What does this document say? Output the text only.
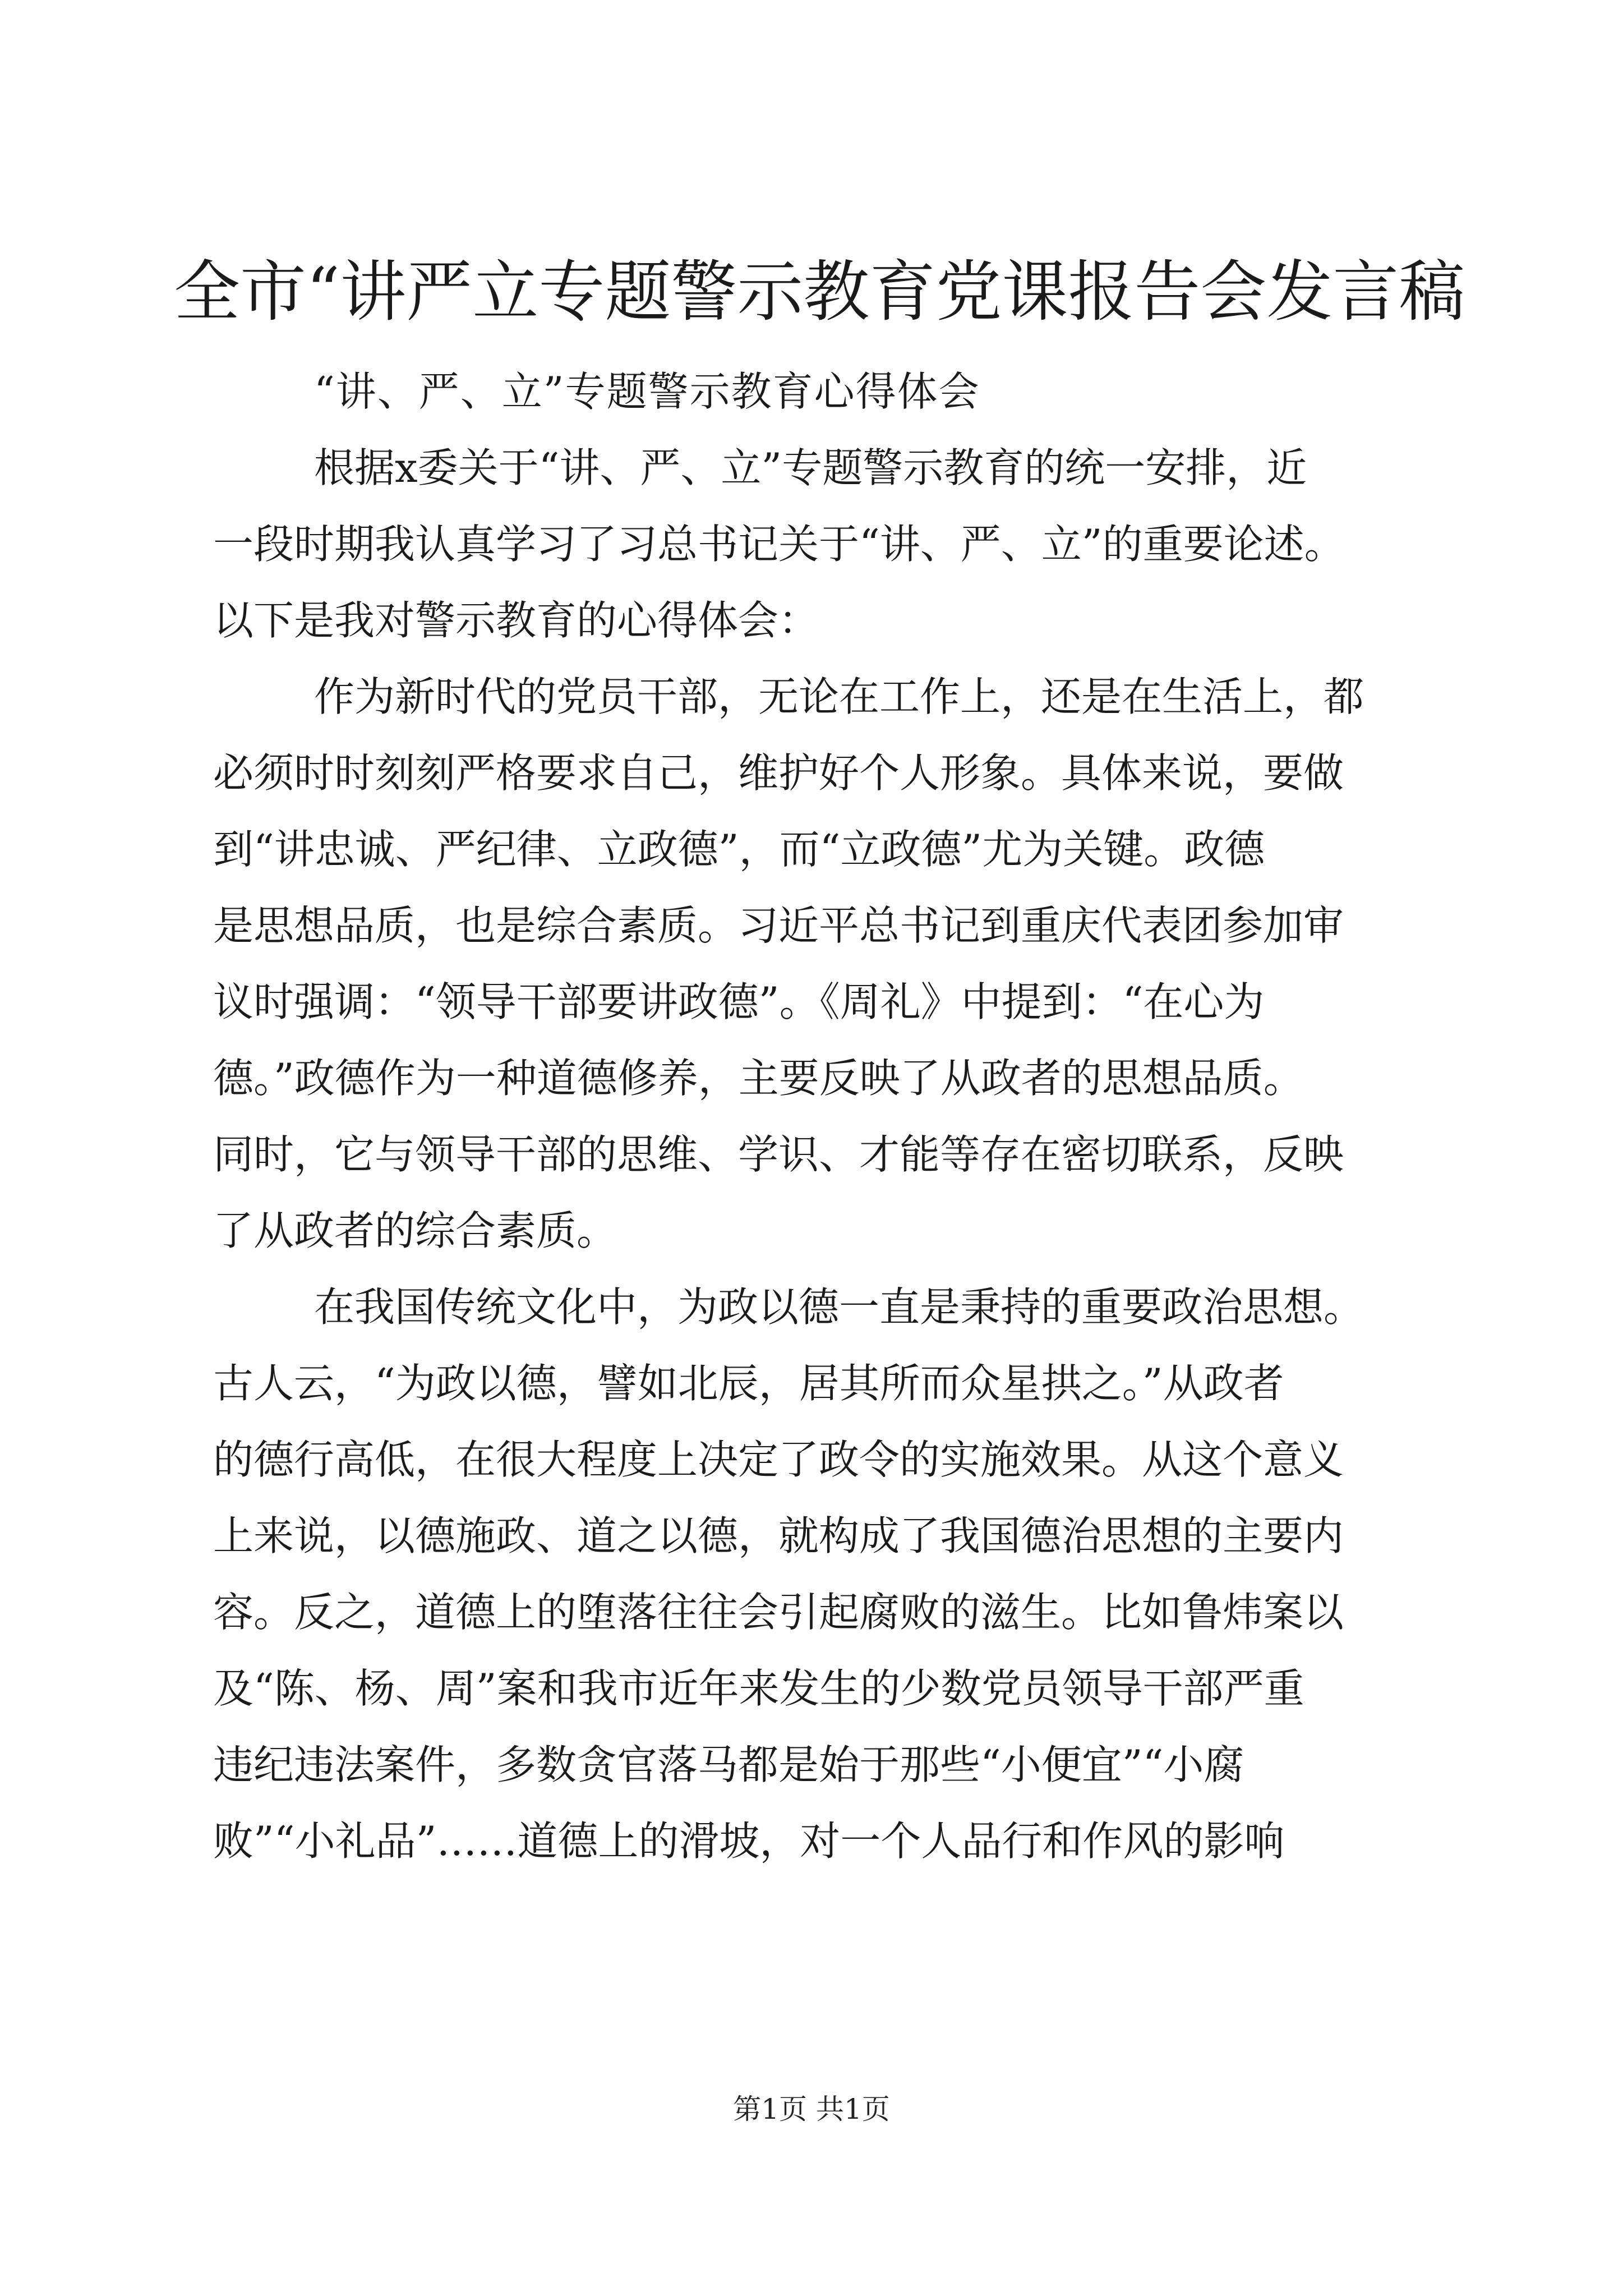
全市“讲严立专题警示教育党课报告会发言稿
“讲、严、立”专题警示教育心得体会
根据x委关于“讲、严、立”专题警示教育的统一安排，近
一段时期我认真学习了习总书记关于“讲、严、立”的重要论述。
以下是我对警示教育的心得体会：
作为新时代的党员干部，无论在工作上，还是在生活上，都
必须时时刻刻严格要求自己，维护好个人形象。具体来说，要做
到“讲忠诚、严纪律、立政德”，而“立政德”尤为关键。政德
是思想品质，也是综合素质。习近平总书记到重庆代表团参加审
议时强调：“领导干部要讲政德”。《周礼》中提到：“在心为
德。”政德作为一种道德修养，主要反映了从政者的思想品质。
同时，它与领导干部的思维、学识、才能等存在密切联系，反映
了从政者的综合素质。
在我国传统文化中，为政以德一直是秉持的重要政治思想。
古人云，“为政以德，譬如北辰，居其所而众星拱之。”从政者
的德行高低，在很大程度上决定了政令的实施效果。从这个意义
上来说，以德施政、道之以德，就构成了我国德治思想的主要内
容。反之，道德上的堕落往往会引起腐败的滋生。比如鲁炜案以
及“陈、杨、周”案和我市近年来发生的少数党员领导干部严重
违纪违法案件，多数贪官落马都是始于那些“小便宜”“小腐
败”“小礼品”……道德上的滑坡，对一个人品行和作风的影响
第1页 共1页
